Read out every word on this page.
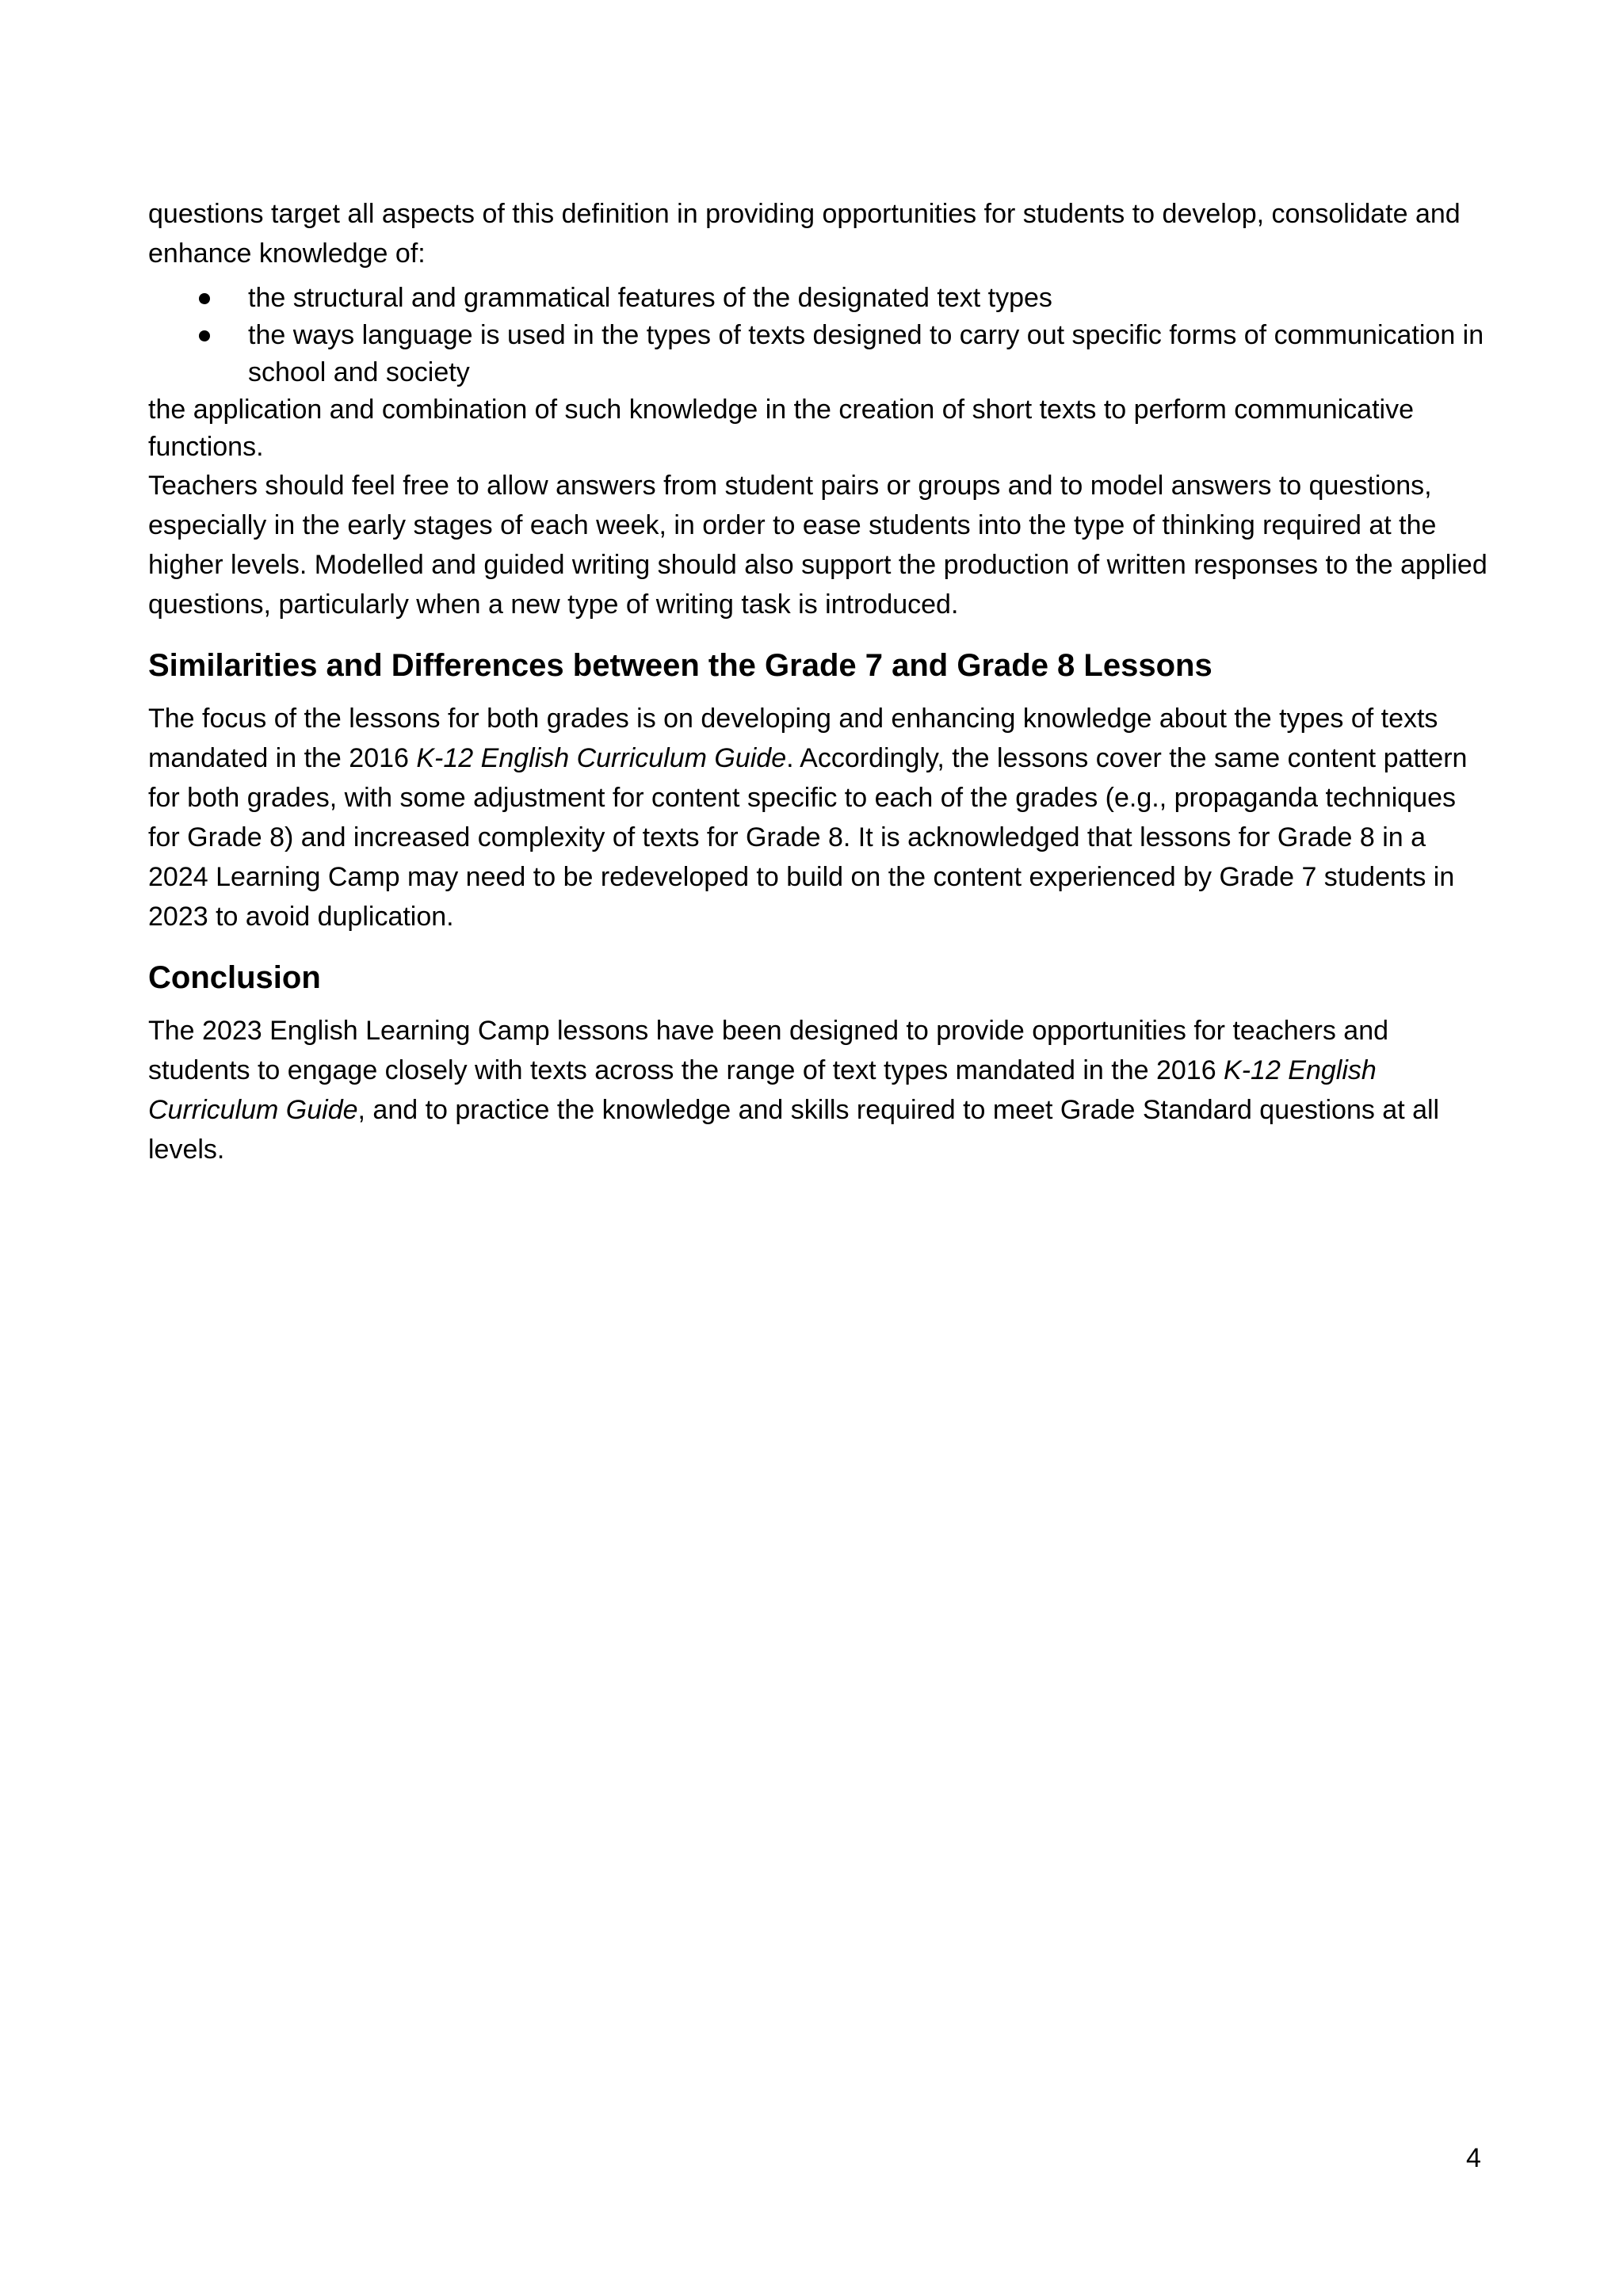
questions target all aspects of this definition in providing opportunities for students to develop, consolidate and enhance knowledge of:

the structural and grammatical features of the designated text types
the ways language is used in the types of texts designed to carry out specific forms of communication in school and society

the application and combination of such knowledge in the creation of short texts to perform communicative functions.

Teachers should feel free to allow answers from student pairs or groups and to model answers to questions, especially in the early stages of each week, in order to ease students into the type of thinking required at the higher levels. Modelled and guided writing should also support the production of written responses to the applied questions, particularly when a new type of writing task is introduced.

Similarities and Differences between the Grade 7 and Grade 8 Lessons

The focus of the lessons for both grades is on developing and enhancing knowledge about the types of texts mandated in the 2016 K-12 English Curriculum Guide. Accordingly, the lessons cover the same content pattern for both grades, with some adjustment for content specific to each of the grades (e.g., propaganda techniques for Grade 8) and increased complexity of texts for Grade 8. It is acknowledged that lessons for Grade 8 in a 2024 Learning Camp may need to be redeveloped to build on the content experienced by Grade 7 students in 2023 to avoid duplication.

Conclusion

The 2023 English Learning Camp lessons have been designed to provide opportunities for teachers and students to engage closely with texts across the range of text types mandated in the 2016 K-12 English Curriculum Guide, and to practice the knowledge and skills required to meet Grade Standard questions at all levels.

4
